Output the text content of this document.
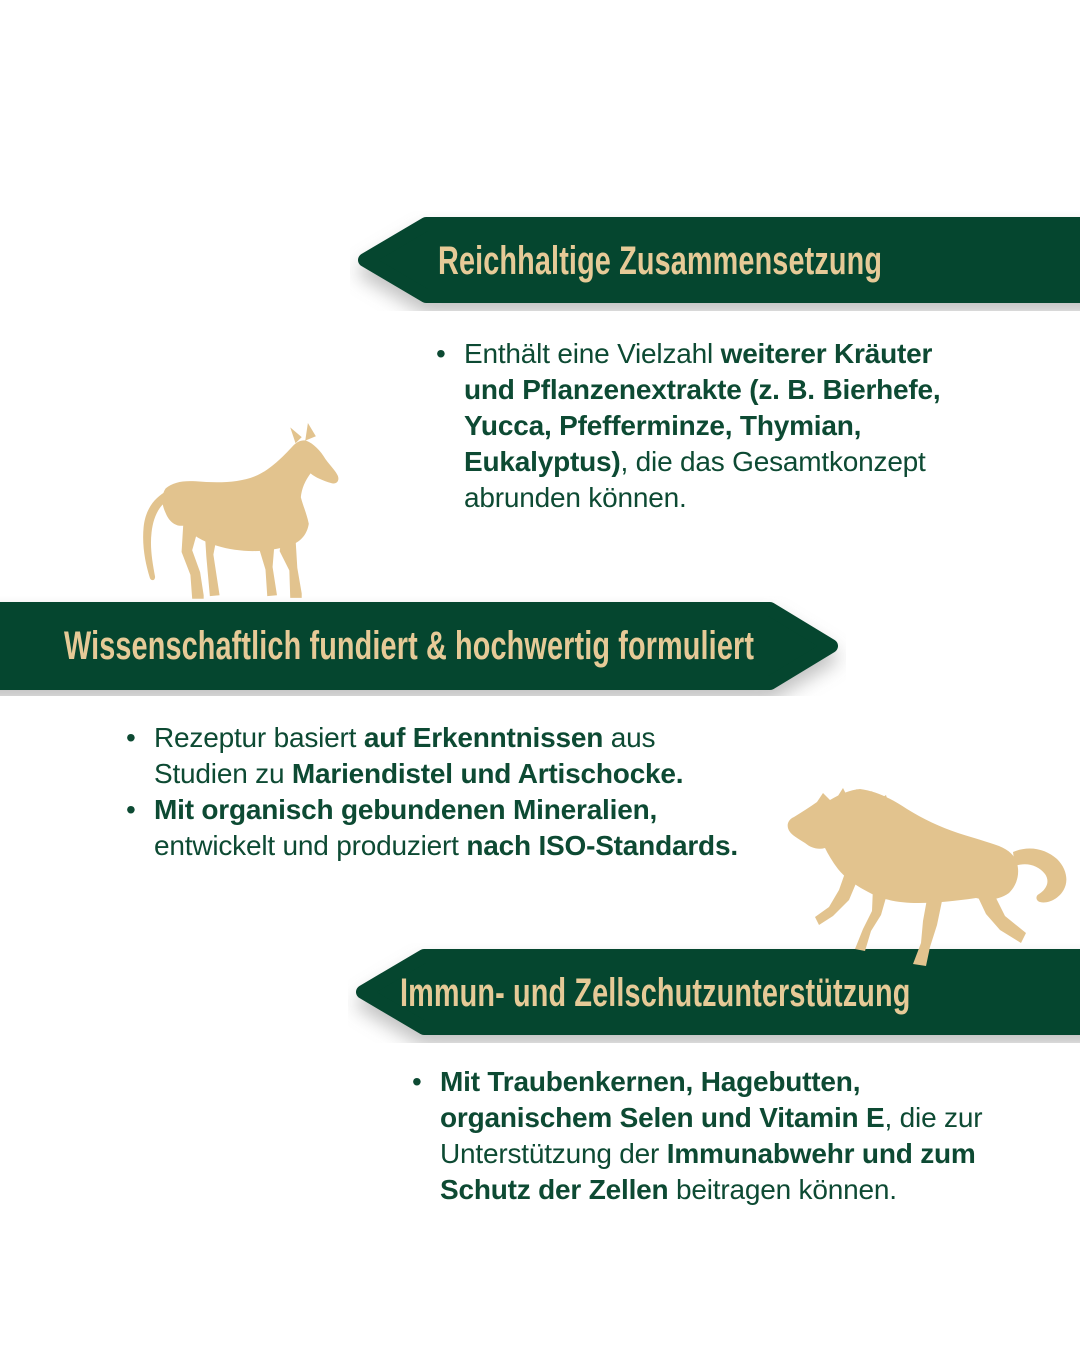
Reichhaltige Zusammensetzung
• Enthält eine Vielzahl weiterer Kräuter
und Pflanzenextrakte (z. B. Bierhefe,
Yucca, Pfefferminze, Thymian,
Eukalyptus), die das Gesamtkonzept
abrunden können.
Wissenschaftlich fundiert & hochwertig formuliert
• Rezeptur basiert auf Erkenntnissen aus
Studien zu Mariendistel und Artischocke.
• Mit organisch gebundenen Mineralien,
entwickelt und produziert nach ISO-Standards.
Immun- und Zellschutzunterstützung
• Mit Traubenkernen, Hagebutten,
organischem Selen und Vitamin E, die zur
Unterstützung der Immunabwehr und zum
Schutz der Zellen beitragen können.
